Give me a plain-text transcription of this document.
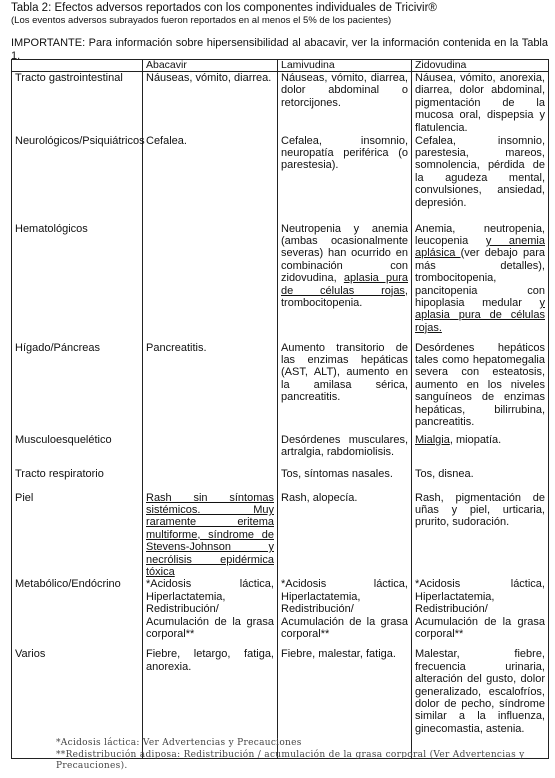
Tabla 2: Efectos adversos reportados con los componentes individuales de Tricivir®
(Los eventos adversos subrayados fueron reportados en al menos el 5% de los pacientes)
IMPORTANTE: Para información sobre hipersensibilidad al abacavir, ver la información contenida en la Tabla 1.
	Abacavir	Lamivudina	Zidovudina
Tracto gastrointestinal	Náuseas, vómito, diarrea.	Náuseas, vómito, diarrea, dolor abdominal o retorcijones.	Náusea, vómito, anorexia, diarrea, dolor abdominal, pigmentación de la mucosa oral, dispepsia y flatulencia.
Neurológicos/Psiquiátricos	Cefalea.	Cefalea, insomnio, neuropatía periférica (o parestesia).	Cefalea, insomnio, parestesia, mareos, somnolencia, pérdida de la agudeza mental, convulsiones, ansiedad, depresión.
Hematológicos		Neutropenia y anemia (ambas ocasionalmente severas) han ocurrido en combinación con zidovudina, aplasia pura de células rojas, trombocitopenia.	Anemia, neutropenia, leucopenia y anemia aplásica (ver debajo para más detalles), trombocitopenia, pancitopenia con hipoplasia medular y aplasia pura de células rojas.
Hígado/Páncreas	Pancreatitis.	Aumento transitorio de las enzimas hepáticas (AST, ALT), aumento en la amilasa sérica, pancreatitis.	Desórdenes hepáticos tales como hepatomegalia severa con esteatosis, aumento en los niveles sanguíneos de enzimas hepáticas, bilirrubina, pancreatitis.
Musculoesquelético		Desórdenes musculares, artralgia, rabdomiolisis.	Mialgia, miopatía.
Tracto respiratorio		Tos, síntomas nasales.	Tos, disnea.
Piel	Rash sin síntomas sistémicos. Muy raramente eritema multiforme, síndrome de Stevens-Johnson y necrólisis epidérmica tóxica	Rash, alopecía.	Rash, pigmentación de uñas y piel, urticaria, prurito, sudoración.
Metabólico/Endócrino	*Acidosis láctica, Hiperlactatemia, Redistribución/ Acumulación de la grasa corporal**	*Acidosis láctica, Hiperlactatemia, Redistribución/ Acumulación de la grasa corporal**	*Acidosis láctica, Hiperlactatemia, Redistribución/ Acumulación de la grasa corporal**
Varios	Fiebre, letargo, fatiga, anorexia.	Fiebre, malestar, fatiga.	Malestar, fiebre, frecuencia urinaria, alteración del gusto, dolor generalizado, escalofríos, dolor de pecho, síndrome similar a la influenza, ginecomastia, astenia.
*Acidosis láctica: Ver Advertencias y Precauciones
**Redistribución adiposa: Redistribución / acumulación de la grasa corporal (Ver Advertencias y Precauciones).
